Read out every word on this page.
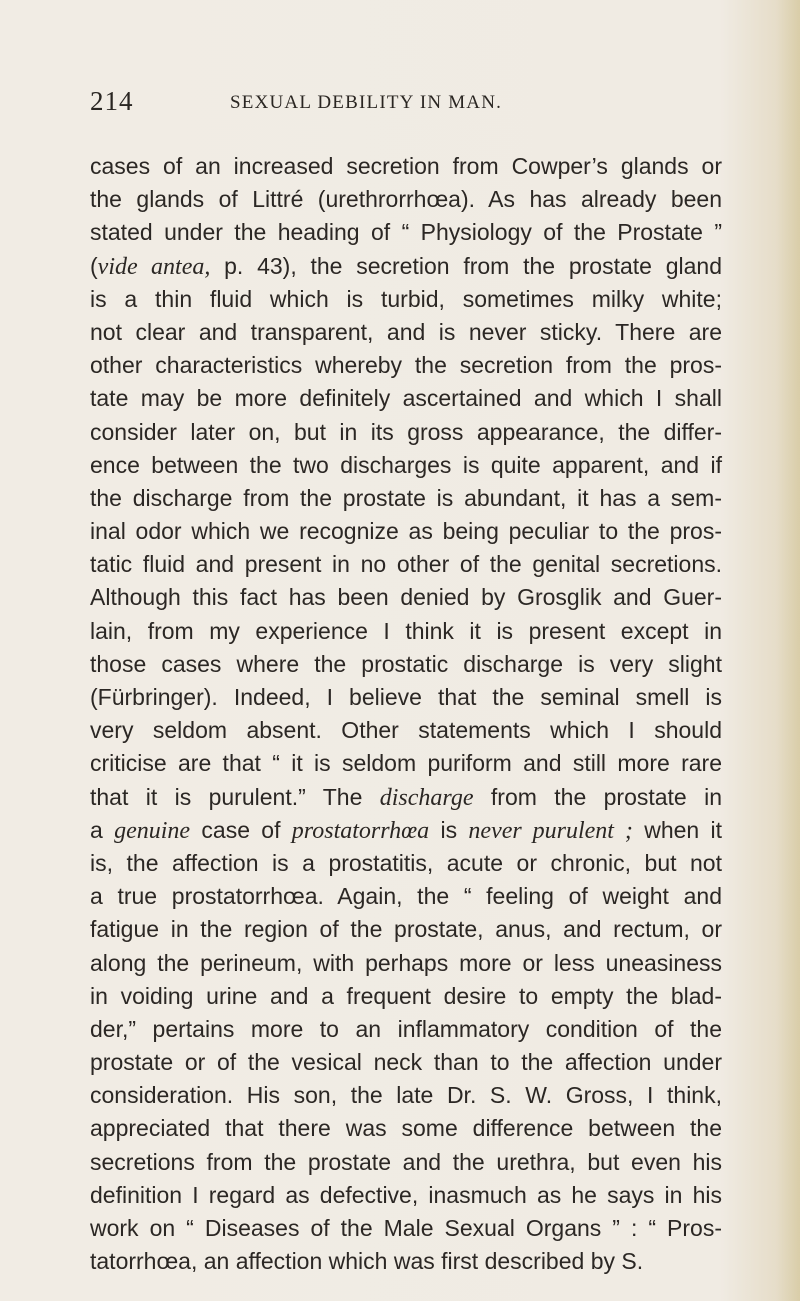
214	SEXUAL DEBILITY IN MAN.
cases of an increased secretion from Cowper’s glands or
the glands of Littré (urethrorrhœa). As has already been
stated under the heading of “ Physiology of the Prostate ”
(vide antea, p. 43), the secretion from the prostate gland
is a thin fluid which is turbid, sometimes milky white;
not clear and transparent, and is never sticky. There are
other characteristics whereby the secretion from the pros-
tate may be more definitely ascertained and which I shall
consider later on, but in its gross appearance, the differ-
ence between the two discharges is quite apparent, and if
the discharge from the prostate is abundant, it has a sem-
inal odor which we recognize as being peculiar to the pros-
tatic fluid and present in no other of the genital secretions.
Although this fact has been denied by Grosglik and Guer-
lain, from my experience I think it is present except in
those cases where the prostatic discharge is very slight
(Fürbringer). Indeed, I believe that the seminal smell is
very seldom absent. Other statements which I should
criticise are that “ it is seldom puriform and still more rare
that it is purulent.” The discharge from the prostate in
a genuine case of prostatorrhœa is never purulent ; when it
is, the affection is a prostatitis, acute or chronic, but not
a true prostatorrhœa. Again, the “ feeling of weight and
fatigue in the region of the prostate, anus, and rectum, or
along the perineum, with perhaps more or less uneasiness
in voiding urine and a frequent desire to empty the blad-
der,” pertains more to an inflammatory condition of the
prostate or of the vesical neck than to the affection under
consideration. His son, the late Dr. S. W. Gross, I think,
appreciated that there was some difference between the
secretions from the prostate and the urethra, but even his
definition I regard as defective, inasmuch as he says in his
work on “ Diseases of the Male Sexual Organs ” : “ Pros-
tatorrhœa, an affection which was first described by S.
